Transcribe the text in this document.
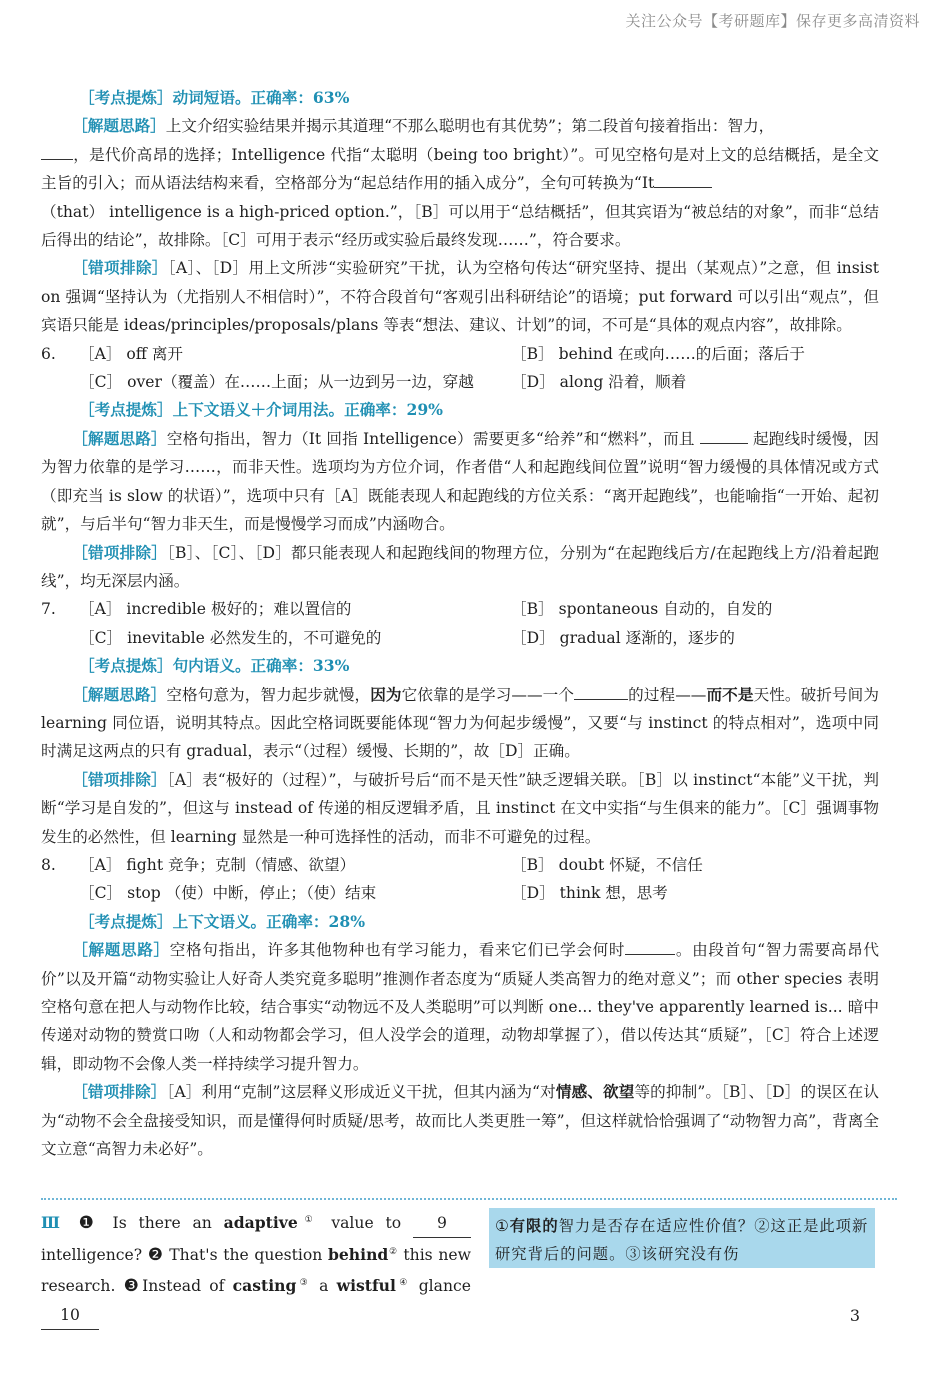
关注公众号【考研题库】保存更多高清资料

［考点提炼］动词短语。正确率：63%

［解题思路］上文介绍实验结果并揭示其道理“不那么聪明也有其优势”；第二段首句接着指出：智力，

，是代价高昂的选择；Intelligence 代指“太聪明（being too bright）”。可见空格句是对上文的总结概括，是全文主旨的引入；而从语法结构来看，空格部分为“起总结作用的插入成分”，全句可转换为“It

（that） intelligence is a high-priced option.”，［B］可以用于“总结概括”，但其宾语为“被总结的对象”，而非“总结后得出的结论”，故排除。［C］可用于表示“经历或实验后最终发现……”，符合要求。

［错项排除］［A］、［D］用上文所涉“实验研究”干扰，认为空格句传达“研究坚持、提出（某观点）”之意，但 insist on 强调“坚持认为（尤指别人不相信时）”，不符合段首句“客观引出科研结论”的语境；put forward 可以引出“观点”，但宾语只能是 ideas/principles/proposals/plans 等表“想法、建议、计划”的词，不可是“具体的观点内容”，故排除。

6.	［A］ off 离开	［B］ behind 在或向……的后面；落后于
［C］ over（覆盖）在……上面；从一边到另一边，穿越	［D］ along 沿着，顺着

［考点提炼］上下文语义＋介词用法。正确率：29%

［解题思路］空格句指出，智力（It 回指 Intelligence）需要更多“给养”和“燃料”，而且	起跑线时缓慢，因为智力依靠的是学习……，而非天性。选项均为方位介词，作者借“人和起跑线间位置”说明“智力缓慢的具体情况或方式（即充当 is slow 的状语）”，选项中只有［A］既能表现人和起跑线的方位关系：“离开起跑线”，也能喻指“一开始、起初就”，与后半句“智力非天生，而是慢慢学习而成”内涵吻合。

［错项排除］［B］、［C］、［D］都只能表现人和起跑线间的物理方位，分别为“在起跑线后方/在起跑线上方/沿着起跑线”，均无深层内涵。

7.	［A］ incredible 极好的；难以置信的	［B］ spontaneous 自动的，自发的
［C］ inevitable 必然发生的，不可避免的	［D］ gradual 逐渐的，逐步的

［考点提炼］句内语义。正确率：33%

［解题思路］空格句意为，智力起步就慢，因为它依靠的是学习——一个	的过程——而不是天性。破折号间为 learning 同位语，说明其特点。因此空格词既要能体现“智力为何起步缓慢”，又要“与 instinct 的特点相对”，选项中同时满足这两点的只有 gradual，表示“（过程）缓慢、长期的”，故［D］正确。

［错项排除］［A］表“极好的（过程）”，与破折号后“而不是天性”缺乏逻辑关联。［B］以 instinct“本能”义干扰，判断“学习是自发的”，但这与 instead of 传递的相反逻辑矛盾，且 instinct 在文中实指“与生俱来的能力”。［C］强调事物发生的必然性，但 learning 显然是一种可选择性的活动，而非不可避免的过程。

8.	［A］ fight 竞争；克制（情感、欲望）	［B］ doubt 怀疑，不信任
［C］ stop （使）中断，停止；（使）结束	［D］ think 想，思考

［考点提炼］上下文语义。正确率：28%

［解题思路］空格句指出，许多其他物种也有学习能力，看来它们已学会何时	。由段首句“智力需要高昂代价”以及开篇“动物实验让人好奇人类究竟多聪明”推测作者态度为“质疑人类高智力的绝对意义”；而 other species 表明空格句意在把人与动物作比较，结合事实“动物远不及人类聪明”可以判断 one... they've apparently learned is... 暗中传递对动物的赞赏口吻（人和动物都会学习，但人没学会的道理，动物却掌握了），借以传达其“质疑”，［C］符合上述逻辑，即动物不会像人类一样持续学习提升智力。

［错项排除］［A］利用“克制”这层释义形成近义干扰，但其内涵为“对情感、欲望等的抑制”。［B］、［D］的误区在认为“动物不会全盘接受知识，而是懂得何时质疑/思考，故而比人类更胜一筹”，但这样就恰恰强调了“动物智力高”，背离全文立意“高智力未必好”。

Ⅲ ❶ Is there an adaptive① value to 9 intelligence? ❷ That's the question behind② this new research. ❸Instead of casting③ a wistful④ glance 10
①有限的智力是否存在适应性价值？②这正是此项新研究背后的问题。③该研究没有伤
3
